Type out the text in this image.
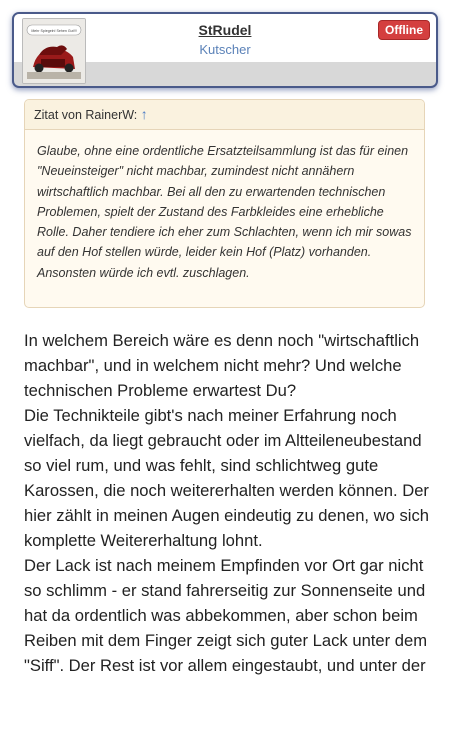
Mehr Spiegeln! Sehen Gut!!!	StRudel
Kutscher
Offline
Zitat von RainerW: ↑
Glaube, ohne eine ordentliche Ersatzteilsammlung ist das für einen "Neueinsteiger" nicht machbar, zumindest nicht annähern wirtschaftlich machbar. Bei all den zu erwartenden technischen Problemen, spielt der Zustand des Farbkleides eine erhebliche Rolle. Daher tendiere ich eher zum Schlachten, wenn ich mir sowas auf den Hof stellen würde, leider kein Hof (Platz) vorhanden. Ansonsten würde ich evtl. zuschlagen.

In welchem Bereich wäre es denn noch "wirtschaftlich machbar", und in welchem nicht mehr? Und welche technischen Probleme erwartest Du?

Die Technikteile gibt's nach meiner Erfahrung noch vielfach, da liegt gebraucht oder im Altteileneubestand so viel rum, und was fehlt, sind schlichtweg gute Karossen, die noch weitererhalten werden können. Der hier zählt in meinen Augen eindeutig zu denen, wo sich komplette Weitererhaltung lohnt.

Der Lack ist nach meinem Empfinden vor Ort gar nicht so schlimm - er stand fahrerseitig zur Sonnenseite und hat da ordentlich was abbekommen, aber schon beim Reiben mit dem Finger zeigt sich guter Lack unter dem "Siff". Der Rest ist vor allem eingestaubt, und unter der
